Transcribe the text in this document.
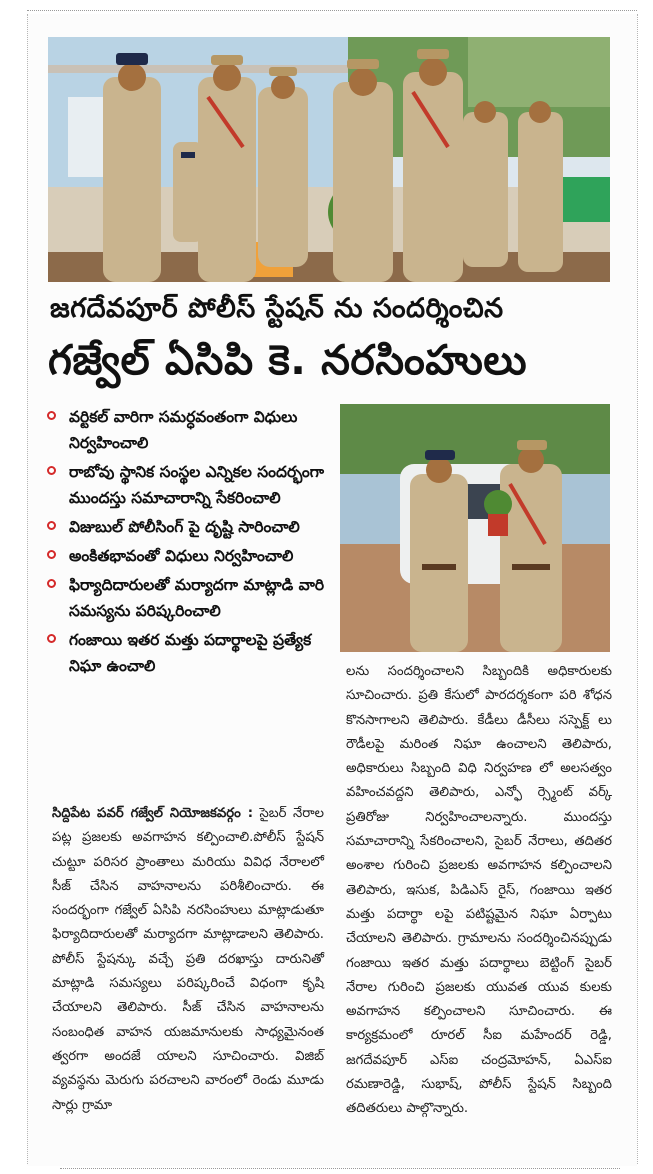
జగదేవపూర్ పోలీస్ స్టేషన్ ను సందర్శించిన
గజ్వేల్ ఏసిపి కె. నరసింహులు
వర్టికల్ వారిగా సమర్ధవంతంగా విధులు నిర్వహించాలి
రాబోవు స్థానిక సంస్థల ఎన్నికల సందర్భంగా ముందస్తు సమాచారాన్ని సేకరించాలి
విజుబుల్ పోలీసింగ్ పై దృష్టి సారించాలి
అంకితభావంతో విధులు నిర్వహించాలి
ఫిర్యాదిదారులతో మర్యాదగా మాట్లాడి వారి సమస్యను పరిష్కరించాలి
గంజాయి ఇతర మత్తు పదార్థాలపై ప్రత్యేక నిఘా ఉంచాలి
సిద్దిపేట పవర్ గజ్వేల్ నియోజకవర్గం : సైబర్ నేరాల పట్ల ప్రజలకు అవగాహన కల్పించాలి.పోలీస్ స్టేషన్ చుట్టూ పరిసర ప్రాంతాలు మరియు వివిధ నేరాలలో సీజ్ చేసిన వాహనాలను పరిశీలించారు. ఈ సందర్భంగా గజ్వేల్ ఏసిపి నరసింహులు మాట్లాడుతూ ఫిర్యాదిదారులతో మర్యాదగా మాట్లాడాలని తెలిపారు. పోలీస్ స్టేషన్కు వచ్చే ప్రతి దరఖాస్తు దారునితో మాట్లాడి సమస్యలు పరిష్కరించే విధంగా కృషి చేయాలని తెలిపారు. సీజ్ చేసిన వాహనాలను సంబంధిత వాహన యజమానులకు సాధ్యమైనంత త్వరగా అందజే యాలని సూచించారు. విజిబ్ వ్యవస్థను మెరుగు పరచాలని వారంలో రెండు మూడు సార్లు గ్రామా
లను సందర్శించాలని సిబ్బందికి అధికారులకు సూచించారు. ప్రతి కేసులో పారదర్శకంగా పరి శోధన కొనసాగాలని తెలిపారు. కేడీలు డీసీలు సస్పెక్ట్ లు రౌడీలపై మరింత నిఘా ఉంచాలని తెలిపారు, అధికారులు సిబ్బంది విధి నిర్వహణ లో అలసత్వం వహించవద్దని తెలిపారు, ఎన్ఫో ర్స్మెంట్ వర్క్ ప్రతిరోజు నిర్వహించాలన్నారు. ముందస్తు సమాచారాన్ని సేకరించాలని, సైబర్ నేరాలు, తదితర అంశాల గురించి ప్రజలకు అవగాహన కల్పించాలని తెలిపారు, ఇసుక, పిడిఎస్ రైస్, గంజాయి ఇతర మత్తు పదార్థా లపై పటిష్టమైన నిఘా ఏర్పాటు చేయాలని తెలిపారు. గ్రామాలను సందర్శించినప్పుడు గంజాయి ఇతర మత్తు పదార్థాలు బెట్టింగ్ సైబర్ నేరాల గురించి ప్రజలకు యువత యువ కులకు అవగాహన కల్పించాలని సూచించారు. ఈ కార్యక్రమంలో రూరల్ సీఐ మహేందర్ రెడ్డి, జగదేవపూర్ ఎస్ఐ చంద్రమోహన్, ఏఎస్ఐ రమణారెడ్డి, సుభాష్, పోలీస్ స్టేషన్ సిబ్బంది తదితరులు పాల్గొన్నారు.
